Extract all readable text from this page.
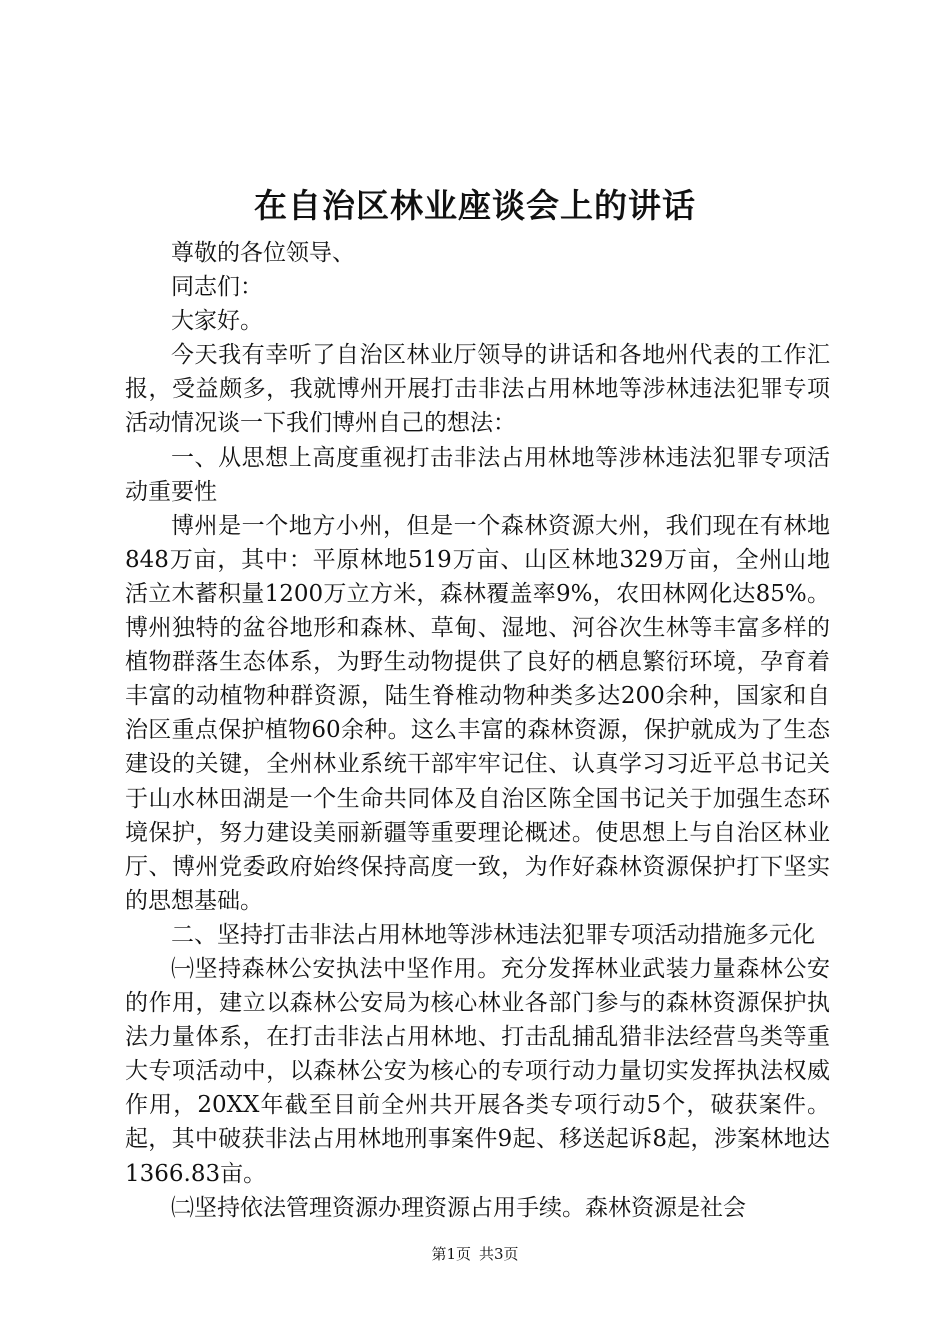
在自治区林业座谈会上的讲话

尊敬的各位领导、

同志们：

大家好。

今天我有幸听了自治区林业厅领导的讲话和各地州代表的工作汇报，受益颇多，我就博州开展打击非法占用林地等涉林违法犯罪专项活动情况谈一下我们博州自己的想法：

一、从思想上高度重视打击非法占用林地等涉林违法犯罪专项活动重要性

博州是一个地方小州，但是一个森林资源大州，我们现在有林地848万亩，其中：平原林地519万亩、山区林地329万亩，全州山地活立木蓄积量1200万立方米，森林覆盖率9%，农田林网化达85%。博州独特的盆谷地形和森林、草甸、湿地、河谷次生林等丰富多样的植物群落生态体系，为野生动物提供了良好的栖息繁衍环境，孕育着丰富的动植物种群资源，陆生脊椎动物种类多达200余种，国家和自治区重点保护植物60余种。这么丰富的森林资源，保护就成为了生态建设的关键，全州林业系统干部牢牢记住、认真学习习近平总书记关于山水林田湖是一个生命共同体及自治区陈全国书记关于加强生态环境保护，努力建设美丽新疆等重要理论概述。使思想上与自治区林业厅、博州党委政府始终保持高度一致，为作好森林资源保护打下坚实的思想基础。

二、坚持打击非法占用林地等涉林违法犯罪专项活动措施多元化

㈠坚持森林公安执法中坚作用。充分发挥林业武装力量森林公安的作用，建立以森林公安局为核心林业各部门参与的森林资源保护执法力量体系，在打击非法占用林地、打击乱捕乱猎非法经营鸟类等重大专项活动中，以森林公安为核心的专项行动力量切实发挥执法权威作用，20XX年截至目前全州共开展各类专项行动5个，破获案件。起，其中破获非法占用林地刑事案件9起、移送起诉8起，涉案林地达1366.83亩。

㈡坚持依法管理资源办理资源占用手续。森林资源是社会

第1页 共3页
